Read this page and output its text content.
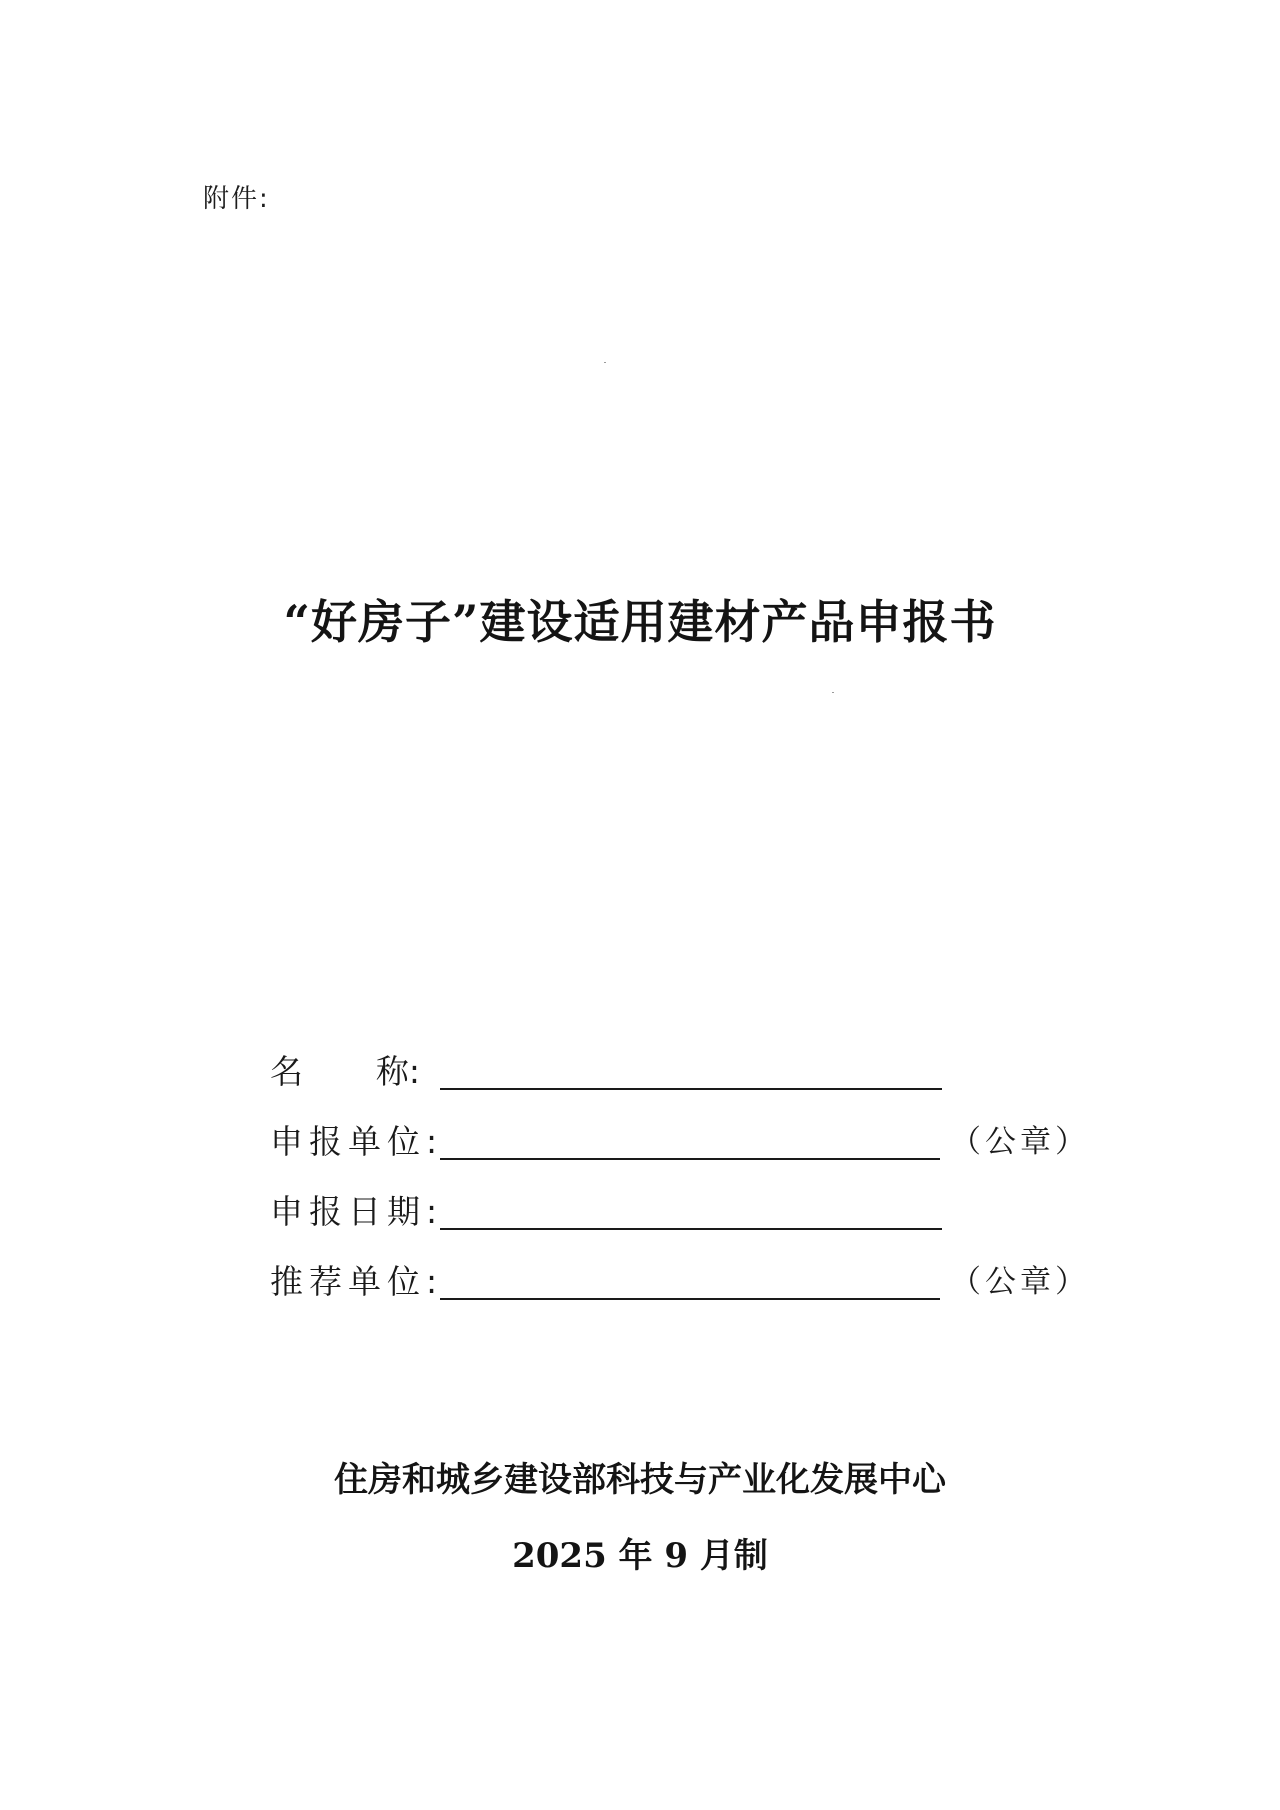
附件:
“好房子”建设适用建材产品申报书
名 称:
申报单位:	（公章）
申报日期:
推荐单位:	（公章）
住房和城乡建设部科技与产业化发展中心
2025 年 9 月制
